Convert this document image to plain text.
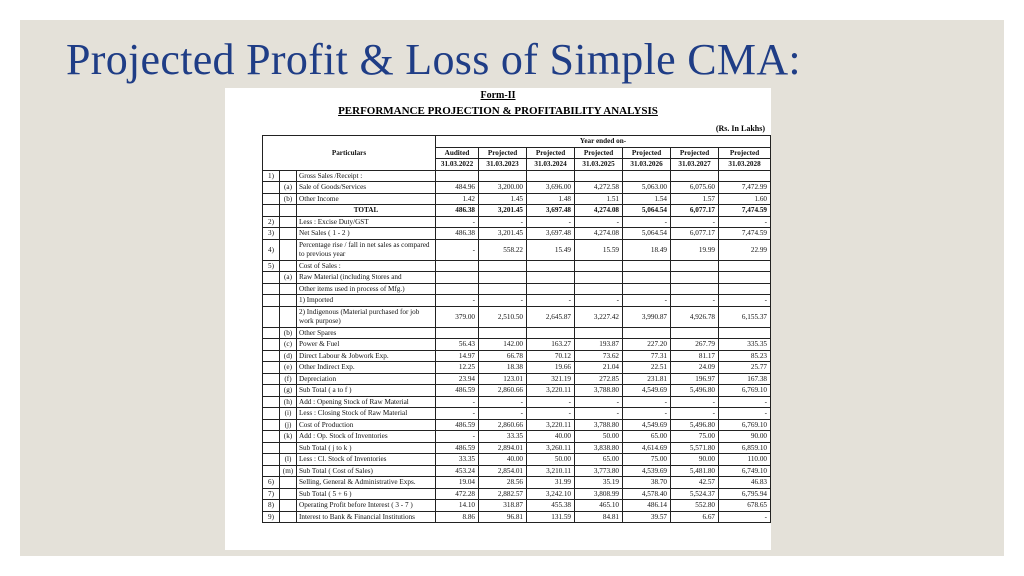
Projected Profit & Loss of Simple CMA:
Form-II
PERFORMANCE PROJECTION & PROFITABILITY ANALYSIS
(Rs. In Lakhs)
Particulars			Year ended on-						
			Audited	Projected	Projected	Projected	Projected	Projected	Projected
			31.03.2022	31.03.2023	31.03.2024	31.03.2025	31.03.2026	31.03.2027	31.03.2028
1)		Gross Sales /Receipt :							
	(a)	Sale of Goods/Services	484.96	3,200.00	3,696.00	4,272.58	5,063.00	6,075.60	7,472.99
	(b)	Other Income	1.42	1.45	1.48	1.51	1.54	1.57	1.60
		TOTAL	486.38	3,201.45	3,697.48	4,274.08	5,064.54	6,077.17	7,474.59
2)		Less : Excise Duty/GST	-	-	-	-	-	-	-
3)		Net Sales ( 1 - 2 )	486.38	3,201.45	3,697.48	4,274.08	5,064.54	6,077.17	7,474.59
4)		Percentage rise / fall in net sales as compared to previous year	-	558.22	15.49	15.59	18.49	19.99	22.99
5)		Cost of Sales :							
	(a)	Raw Material (including Stores and							
		Other items used in process of Mfg.)							
		1) Imported	-	-	-	-	-	-	-
		2) Indigenous (Material purchased for job work purpose)	379.00	2,510.50	2,645.87	3,227.42	3,990.87	4,926.78	6,155.37
	(b)	Other Spares							
	(c)	Power & Fuel	56.43	142.00	163.27	193.87	227.20	267.79	335.35
	(d)	Direct Labour & Jobwork Exp.	14.97	66.78	70.12	73.62	77.31	81.17	85.23
	(e)	Other Indirect Exp.	12.25	18.38	19.66	21.04	22.51	24.09	25.77
	(f)	Depreciation	23.94	123.01	321.19	272.85	231.81	196.97	167.38
	(g)	Sub Total ( a to f )	486.59	2,860.66	3,220.11	3,788.80	4,549.69	5,496.80	6,769.10
	(h)	Add : Opening Stock of Raw Material	-	-	-	-	-	-	-
	(i)	Less : Closing Stock of Raw Material	-	-	-	-	-	-	-
	(j)	Cost of Production	486.59	2,860.66	3,220.11	3,788.80	4,549.69	5,496.80	6,769.10
	(k)	Add : Op. Stock of Inventories	-	33.35	40.00	50.00	65.00	75.00	90.00
		Sub Total ( j to k )	486.59	2,894.01	3,260.11	3,838.80	4,614.69	5,571.80	6,859.10
	(l)	Less : Cl. Stock of Inventories	33.35	40.00	50.00	65.00	75.00	90.00	110.00
	(m)	Sub Total ( Cost of Sales)	453.24	2,854.01	3,210.11	3,773.80	4,539.69	5,481.80	6,749.10
6)		Selling, General & Administrative Exps.	19.04	28.56	31.99	35.19	38.70	42.57	46.83
7)		Sub Total ( 5 + 6 )	472.28	2,882.57	3,242.10	3,808.99	4,578.40	5,524.37	6,795.94
8)		Operating Profit before Interest ( 3 - 7 )	14.10	318.87	455.38	465.10	486.14	552.80	678.65
9)		Interest to Bank & Financial Institutions	8.86	96.81	131.59	84.81	39.57	6.67	-
